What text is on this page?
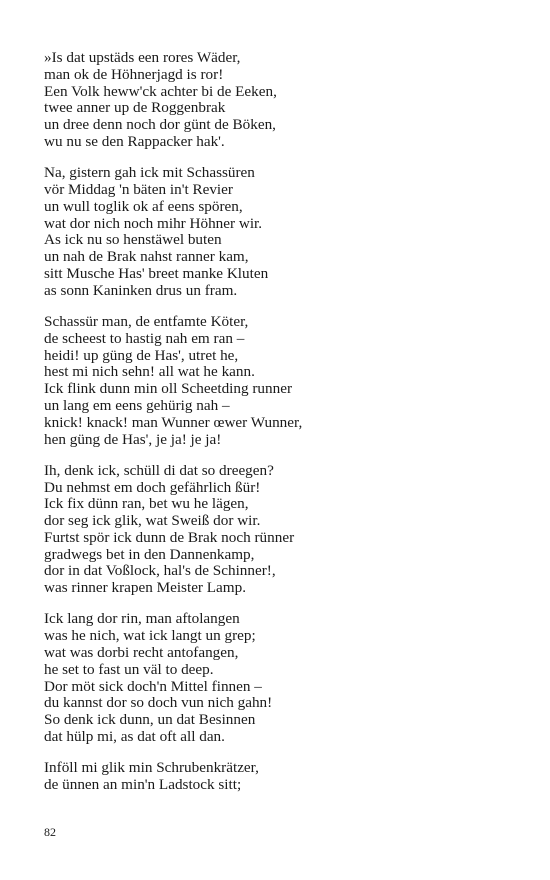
»Is dat upstäds een rores Wäder,
man ok de Höhnerjagd is ror!
Een Volk heww'ck achter bi de Eeken,
twee anner up de Roggenbrak
un dree denn noch dor günt de Böken,
wu nu se den Rappacker hak'.
Na, gistern gah ick mit Schassüren
vör Middag 'n bäten in't Revier
un wull toglik ok af eens spören,
wat dor nich noch mihr Höhner wir.
As ick nu so henstäwel buten
un nah de Brak nahst ranner kam,
sitt Musche Has' breet manke Kluten
as sonn Kaninken drus un fram.
Schassür man, de entfamte Köter,
de scheest to hastig nah em ran –
heidi! up güng de Has', utret he,
hest mi nich sehn! all wat he kann.
Ick flink dunn min oll Scheetding runner
un lang em eens gehürig nah –
knick! knack! man Wunner œwer Wunner,
hen güng de Has', je ja! je ja!
Ih, denk ick, schüll di dat so dreegen?
Du nehmst em doch gefährlich ßür!
Ick fix dünn ran, bet wu he lägen,
dor seg ick glik, wat Sweiß dor wir.
Furtst spör ick dunn de Brak noch rünner
gradwegs bet in den Dannenkamp,
dor in dat Voßlock, hal's de Schinner!,
was rinner krapen Meister Lamp.
Ick lang dor rin, man aftolangen
was he nich, wat ick langt un grep;
wat was dorbi recht antofangen,
he set to fast un väl to deep.
Dor möt sick doch'n Mittel finnen –
du kannst dor so doch vun nich gahn!
So denk ick dunn, un dat Besinnen
dat hülp mi, as dat oft all dan.
Inföll mi glik min Schrubenkrätzer,
de ünnen an min'n Ladstock sitt;
82
